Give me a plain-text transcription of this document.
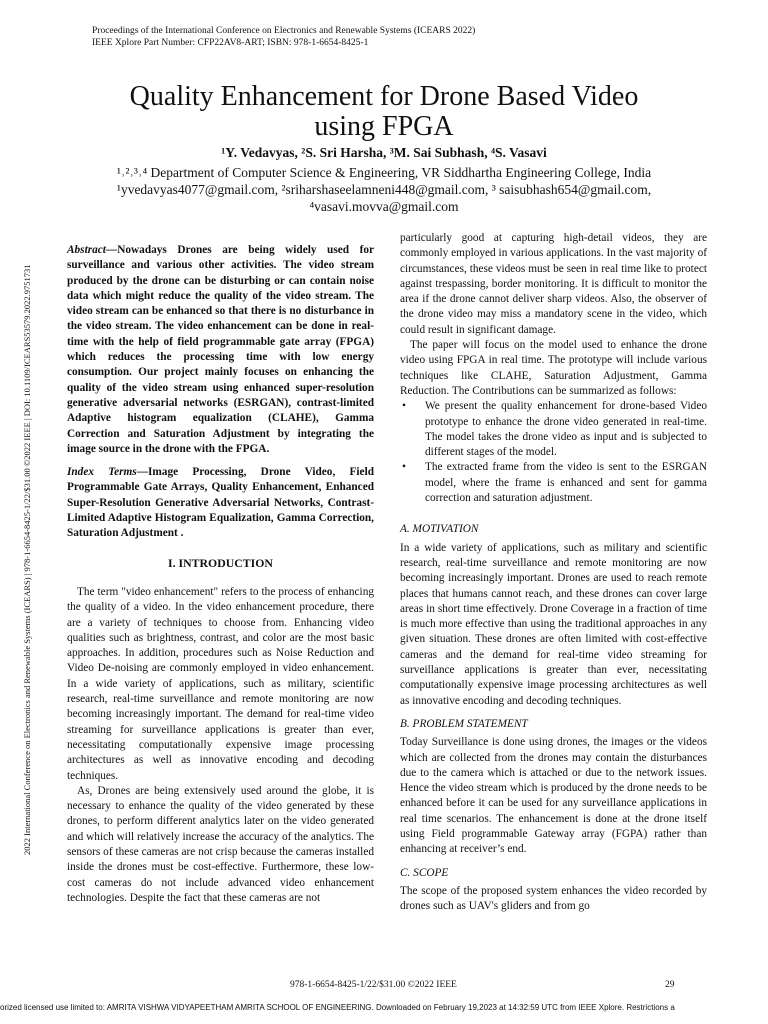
Proceedings of the International Conference on Electronics and Renewable Systems (ICEARS 2022)
IEEE Xplore Part Number: CFP22AV8-ART; ISBN: 978-1-6654-8425-1
Quality Enhancement for Drone Based Video
using FPGA
¹Y. Vedavyas, ²S. Sri Harsha, ³M. Sai Subhash, ⁴S. Vasavi
¹˒²˒³˒⁴ Department of Computer Science & Engineering, VR Siddhartha Engineering College, India
¹yvedavyas4077@gmail.com, ²sriharshaseelamneni448@gmail.com, ³ saisubhash654@gmail.com,
⁴vasavi.movva@gmail.com
2022 International Conference on Electronics and Renewable Systems (ICEARS) | 978-1-6654-8425-1/22/$31.00 ©2022 IEEE | DOI: 10.1109/ICEARS53579.2022.9751731

Abstract—Nowadays Drones are being widely used for surveillance and various other activities. The video stream produced by the drone can be disturbing or can contain noise data which might reduce the quality of the video stream. The video stream can be enhanced so that there is no disturbance in the video stream. The video enhancement can be done in real-time with the help of field programmable gate array (FPGA) which reduces the processing time with low energy consumption. Our project mainly focuses on enhancing the quality of the video stream using enhanced super-resolution generative adversarial networks (ESRGAN), contrast-limited Adaptive histogram equalization (CLAHE), Gamma Correction and Saturation Adjustment by integrating the image source in the drone with the FPGA.

Index Terms—Image Processing, Drone Video, Field Programmable Gate Arrays, Quality Enhancement, Enhanced Super-Resolution Generative Adversarial Networks, Contrast-Limited Adaptive Histogram Equalization, Gamma Correction, Saturation Adjustment .

I. INTRODUCTION

The term "video enhancement" refers to the process of enhancing the quality of a video. In the video enhancement procedure, there are a variety of techniques to choose from. Enhancing video qualities such as brightness, contrast, and color are the most basic approaches. In addition, procedures such as Noise Reduction and Video De-noising are commonly employed in video enhancement. In a wide variety of applications, such as military, scientific research, real-time surveillance and remote monitoring are now becoming increasingly important. The demand for real-time video streaming for surveillance applications is greater than ever, necessitating computationally expensive image processing architectures as well as innovative encoding and decoding techniques.

As, Drones are being extensively used around the globe, it is necessary to enhance the quality of the video generated by these drones, to perform different analytics later on the video generated and which will relatively increase the accuracy of the analytics. The sensors of these cameras are not crisp because the cameras installed inside the drones must be cost-effective. Furthermore, these low-cost cameras do not include advanced video enhancement technologies. Despite the fact that these cameras are not

particularly good at capturing high-detail videos, they are commonly employed in various applications. In the vast majority of circumstances, these videos must be seen in real time like to protect against trespassing, border monitoring. It is difficult to monitor the area if the drone cannot deliver sharp videos. Also, the observer of the drone video may miss a mandatory scene in the video, which could result in significant damage.

The paper will focus on the model used to enhance the drone video using FPGA in real time. The prototype will include various techniques like CLAHE, Saturation Adjustment, Gamma Reduction. The Contributions can be summarized as follows:

• We present the quality enhancement for drone-based Video prototype to enhance the drone video generated in real-time. The model takes the drone video as input and is subjected to different stages of the model.
• The extracted frame from the video is sent to the ESRGAN model, where the frame is enhanced and sent for gamma correction and saturation adjustment.

A. MOTIVATION

In a wide variety of applications, such as military and scientific research, real-time surveillance and remote monitoring are now becoming increasingly important. Drones are used to reach remote places that humans cannot reach, and these drones can cover large areas in short time effectively. Drone Coverage in a fraction of time is much more effective than using the traditional approaches in any given situation. These drones are often limited with cost-effective cameras and the demand for real-time video streaming for surveillance applications is greater than ever, necessitating computationally expensive image processing architectures as well as innovative encoding and decoding techniques.

B. PROBLEM STATEMENT

Today Surveillance is done using drones, the images or the videos which are collected from the drones may contain the disturbances due to the camera which is attached or due to the network issues. Hence the video stream which is produced by the drone needs to be enhanced before it can be used for any surveillance applications in real time scenarios. The enhancement is done at the drone itself using Field programmable Gateway array (FGPA) rather than enhancing at receiver’s end.

C. SCOPE

The scope of the proposed system enhances the video recorded by drones such as UAV's gliders and from go

978-1-6654-8425-1/22/$31.00 ©2022 IEEE	29
orized licensed use limited to: AMRITA VISHWA VIDYAPEETHAM AMRITA SCHOOL OF ENGINEERING. Downloaded on February 19,2023 at 14:32:59 UTC from IEEE Xplore. Restrictions a
